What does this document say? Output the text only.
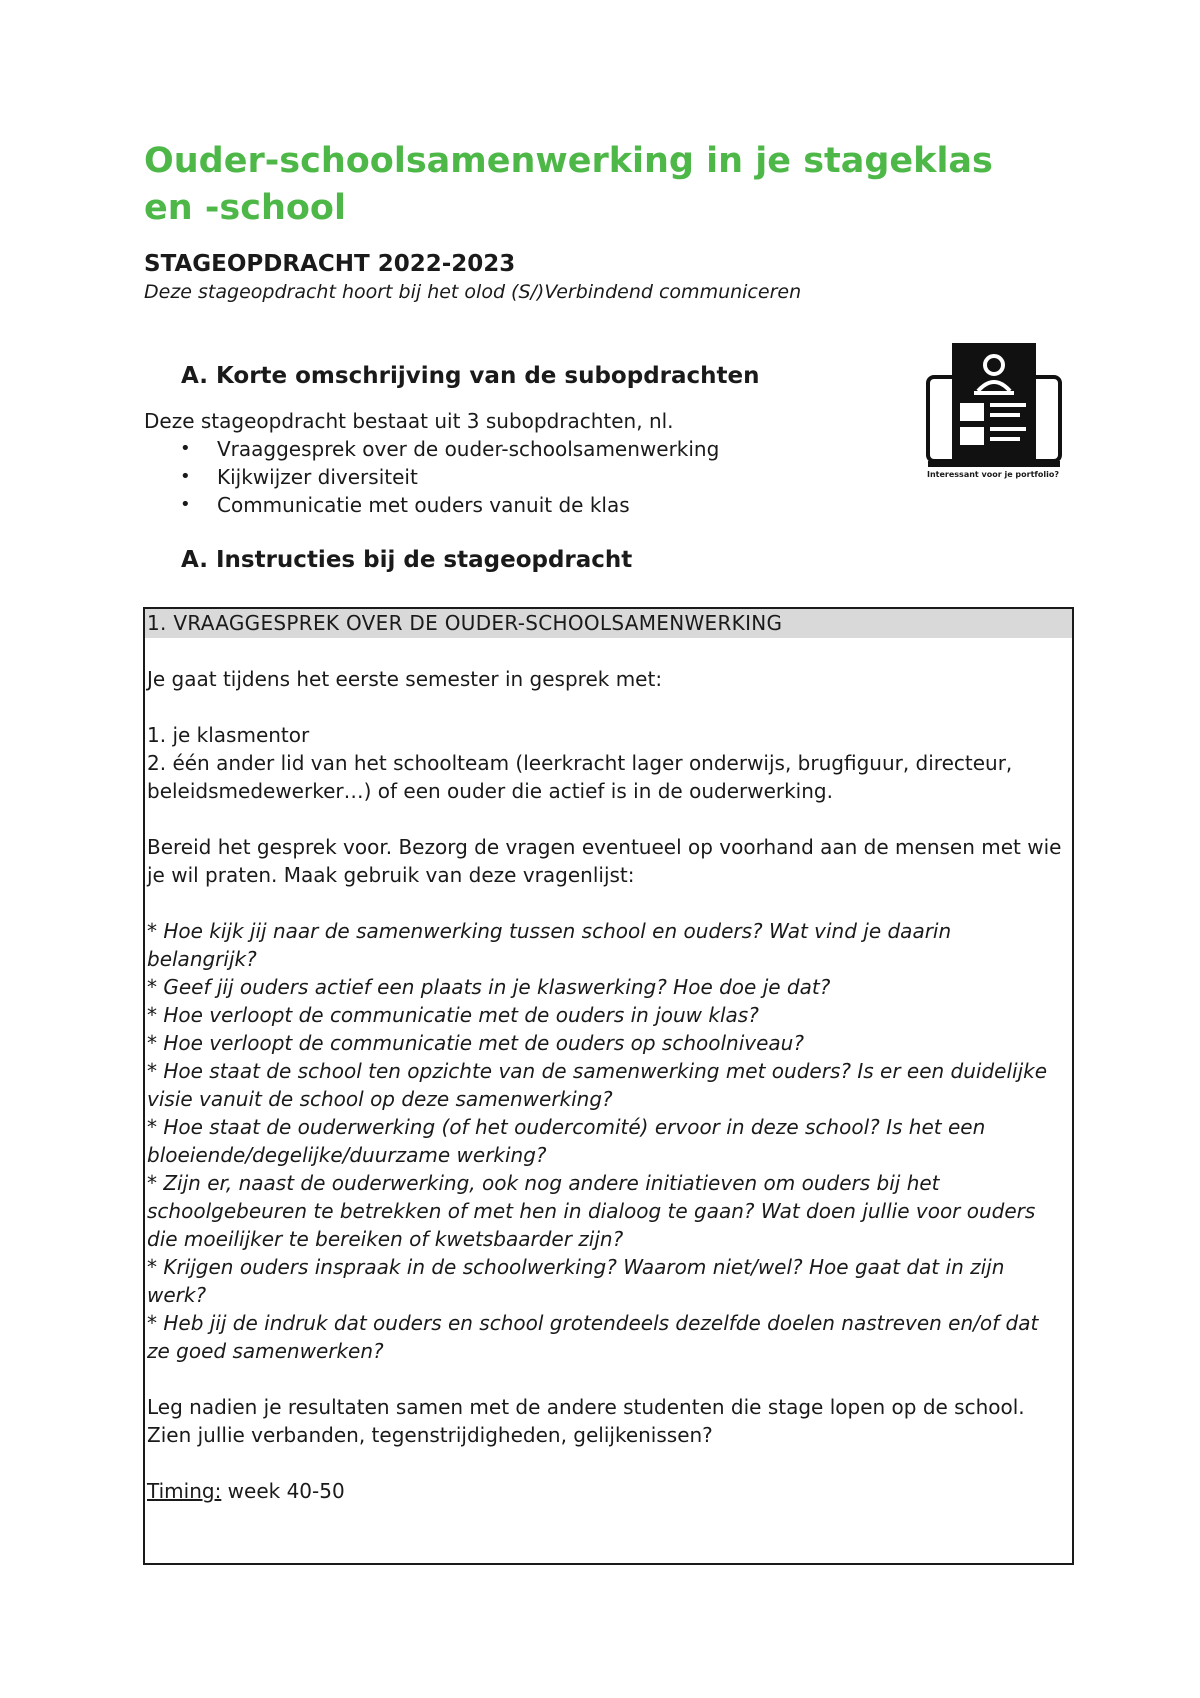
Ouder-schoolsamenwerking in je stageklas
en -school
STAGEOPDRACHT 2022-2023
Deze stageopdracht hoort bij het olod (S/)Verbindend communiceren
A. Korte omschrijving van de subopdrachten
Deze stageopdracht bestaat uit 3 subopdrachten, nl.
• Vraaggesprek over de ouder-schoolsamenwerking
• Kijkwijzer diversiteit
• Communicatie met ouders vanuit de klas
Interessant voor je portfolio?
A. Instructies bij de stageopdracht
1. VRAAGGESPREK OVER DE OUDER-SCHOOLSAMENWERKING

Je gaat tijdens het eerste semester in gesprek met:

1. je klasmentor

2. één ander lid van het schoolteam (leerkracht lager onderwijs, brugfiguur, directeur, beleidsmedewerker…) of een ouder die actief is in de ouderwerking.

Bereid het gesprek voor. Bezorg de vragen eventueel op voorhand aan de mensen met wie je wil praten. Maak gebruik van deze vragenlijst:

* Hoe kijk jij naar de samenwerking tussen school en ouders? Wat vind je daarin belangrijk?

* Geef jij ouders actief een plaats in je klaswerking? Hoe doe je dat?

* Hoe verloopt de communicatie met de ouders in jouw klas?

* Hoe verloopt de communicatie met de ouders op schoolniveau?

* Hoe staat de school ten opzichte van de samenwerking met ouders? Is er een duidelijke visie vanuit de school op deze samenwerking?

* Hoe staat de ouderwerking (of het oudercomité) ervoor in deze school? Is het een bloeiende/degelijke/duurzame werking?

* Zijn er, naast de ouderwerking, ook nog andere initiatieven om ouders bij het schoolgebeuren te betrekken of met hen in dialoog te gaan? Wat doen jullie voor ouders die moeilijker te bereiken of kwetsbaarder zijn?

* Krijgen ouders inspraak in de schoolwerking? Waarom niet/wel? Hoe gaat dat in zijn werk?

* Heb jij de indruk dat ouders en school grotendeels dezelfde doelen nastreven en/of dat ze goed samenwerken?

Leg nadien je resultaten samen met de andere studenten die stage lopen op de school. Zien jullie verbanden, tegenstrijdigheden, gelijkenissen?

Timing: week 40-50
